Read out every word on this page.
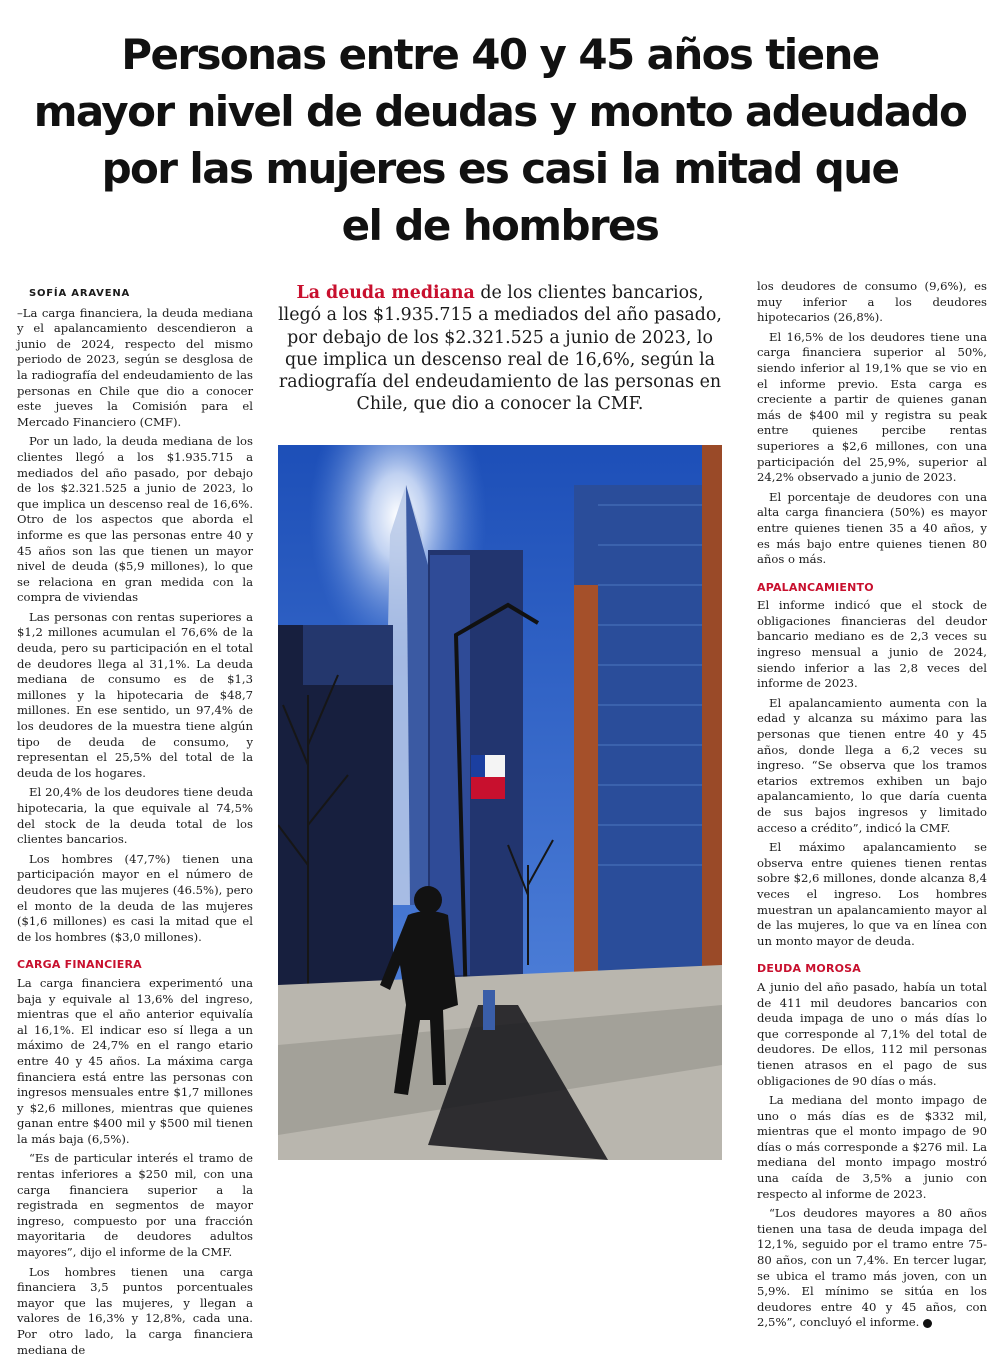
Personas entre 40 y 45 años tiene
mayor nivel de deudas y monto adeudado
por las mujeres es casi la mitad que
el de hombres

SOFÍA ARAVENA

–La carga financiera, la deuda mediana y el apalancamiento descendieron a junio de 2024, respecto del mismo periodo de 2023, según se desglosa de la radiografía del endeudamiento de las personas en Chile que dio a conocer este jueves la Comisión para el Mercado Financiero (CMF).

Por un lado, la deuda mediana de los clientes llegó a los $1.935.715 a mediados del año pasado, por debajo de los $2.321.525 a junio de 2023, lo que implica un descenso real de 16,6%. Otro de los aspectos que aborda el informe es que las personas entre 40 y 45 años son las que tienen un mayor nivel de deuda ($5,9 millones), lo que se relaciona en gran medida con la compra de viviendas

Las personas con rentas superiores a $1,2 millones acumulan el 76,6% de la deuda, pero su participación en el total de deudores llega al 31,1%. La deuda mediana de consumo es de $1,3 millones y la hipotecaria de $48,7 millones. En ese sentido, un 97,4% de los deudores de la muestra tiene algún tipo de deuda de consumo, y representan el 25,5% del total de la deuda de los hogares.

El 20,4% de los deudores tiene deuda hipotecaria, la que equivale al 74,5% del stock de la deuda total de los clientes bancarios.

Los hombres (47,7%) tienen una participación mayor en el número de deudores que las mujeres (46.5%), pero el monto de la deuda de las mujeres ($1,6 millones) es casi la mitad que el de los hombres ($3,0 millones).

CARGA FINANCIERA

La carga financiera experimentó una baja y equivale al 13,6% del ingreso, mientras que el año anterior equivalía al 16,1%. El indicar eso sí llega a un máximo de 24,7% en el rango etario entre 40 y 45 años. La máxima carga financiera está entre las personas con ingresos mensuales entre $1,7 millones y $2,6 millones, mientras que quienes ganan entre $400 mil y $500 mil tienen la más baja (6,5%).

“Es de particular interés el tramo de rentas inferiores a $250 mil, con una carga financiera superior a la registrada en segmentos de mayor ingreso, compuesto por una fracción mayoritaria de deudores adultos mayores”, dijo el informe de la CMF.

Los hombres tienen una carga financiera 3,5 puntos porcentuales mayor que las mujeres, y llegan a valores de 16,3% y 12,8%, cada una. Por otro lado, la carga financiera mediana de

La deuda mediana de los clientes bancarios, llegó a los $1.935.715 a mediados del año pasado, por debajo de los $2.321.525 a junio de 2023, lo que implica un descenso real de 16,6%, según la radiografía del endeudamiento de las personas en Chile, que dio a conocer la CMF.

los deudores de consumo (9,6%), es muy inferior a los deudores hipotecarios (26,8%).

El 16,5% de los deudores tiene una carga financiera superior al 50%, siendo inferior al 19,1% que se vio en el informe previo. Esta carga es creciente a partir de quienes ganan más de $400 mil y registra su peak entre quienes percibe rentas superiores a $2,6 millones, con una participación del 25,9%, superior al 24,2% observado a junio de 2023.

El porcentaje de deudores con una alta carga financiera (50%) es mayor entre quienes tienen 35 a 40 años, y es más bajo entre quienes tienen 80 años o más.

APALANCAMIENTO

El informe indicó que el stock de obligaciones financieras del deudor bancario mediano es de 2,3 veces su ingreso mensual a junio de 2024, siendo inferior a las 2,8 veces del informe de 2023.

El apalancamiento aumenta con la edad y alcanza su máximo para las personas que tienen entre 40 y 45 años, donde llega a 6,2 veces su ingreso. “Se observa que los tramos etarios extremos exhiben un bajo apalancamiento, lo que daría cuenta de sus bajos ingresos y limitado acceso a crédito”, indicó la CMF.

El máximo apalancamiento se observa entre quienes tienen rentas sobre $2,6 millones, donde alcanza 8,4 veces el ingreso. Los hombres muestran un apalancamiento mayor al de las mujeres, lo que va en línea con un monto mayor de deuda.

DEUDA MOROSA

A junio del año pasado, había un total de 411 mil deudores bancarios con deuda impaga de uno o más días lo que corresponde al 7,1% del total de deudores. De ellos, 112 mil personas tienen atrasos en el pago de sus obligaciones de 90 días o más.

La mediana del monto impago de uno o más días es de $332 mil, mientras que el monto impago de 90 días o más corresponde a $276 mil. La mediana del monto impago mostró una caída de 3,5% a junio con respecto al informe de 2023.

“Los deudores mayores a 80 años tienen una tasa de deuda impaga del 12,1%, seguido por el tramo entre 75-80 años, con un 7,4%. En tercer lugar, se ubica el tramo más joven, con un 5,9%. El mínimo se sitúa en los deudores entre 40 y 45 años, con 2,5%”, concluyó el informe. P
